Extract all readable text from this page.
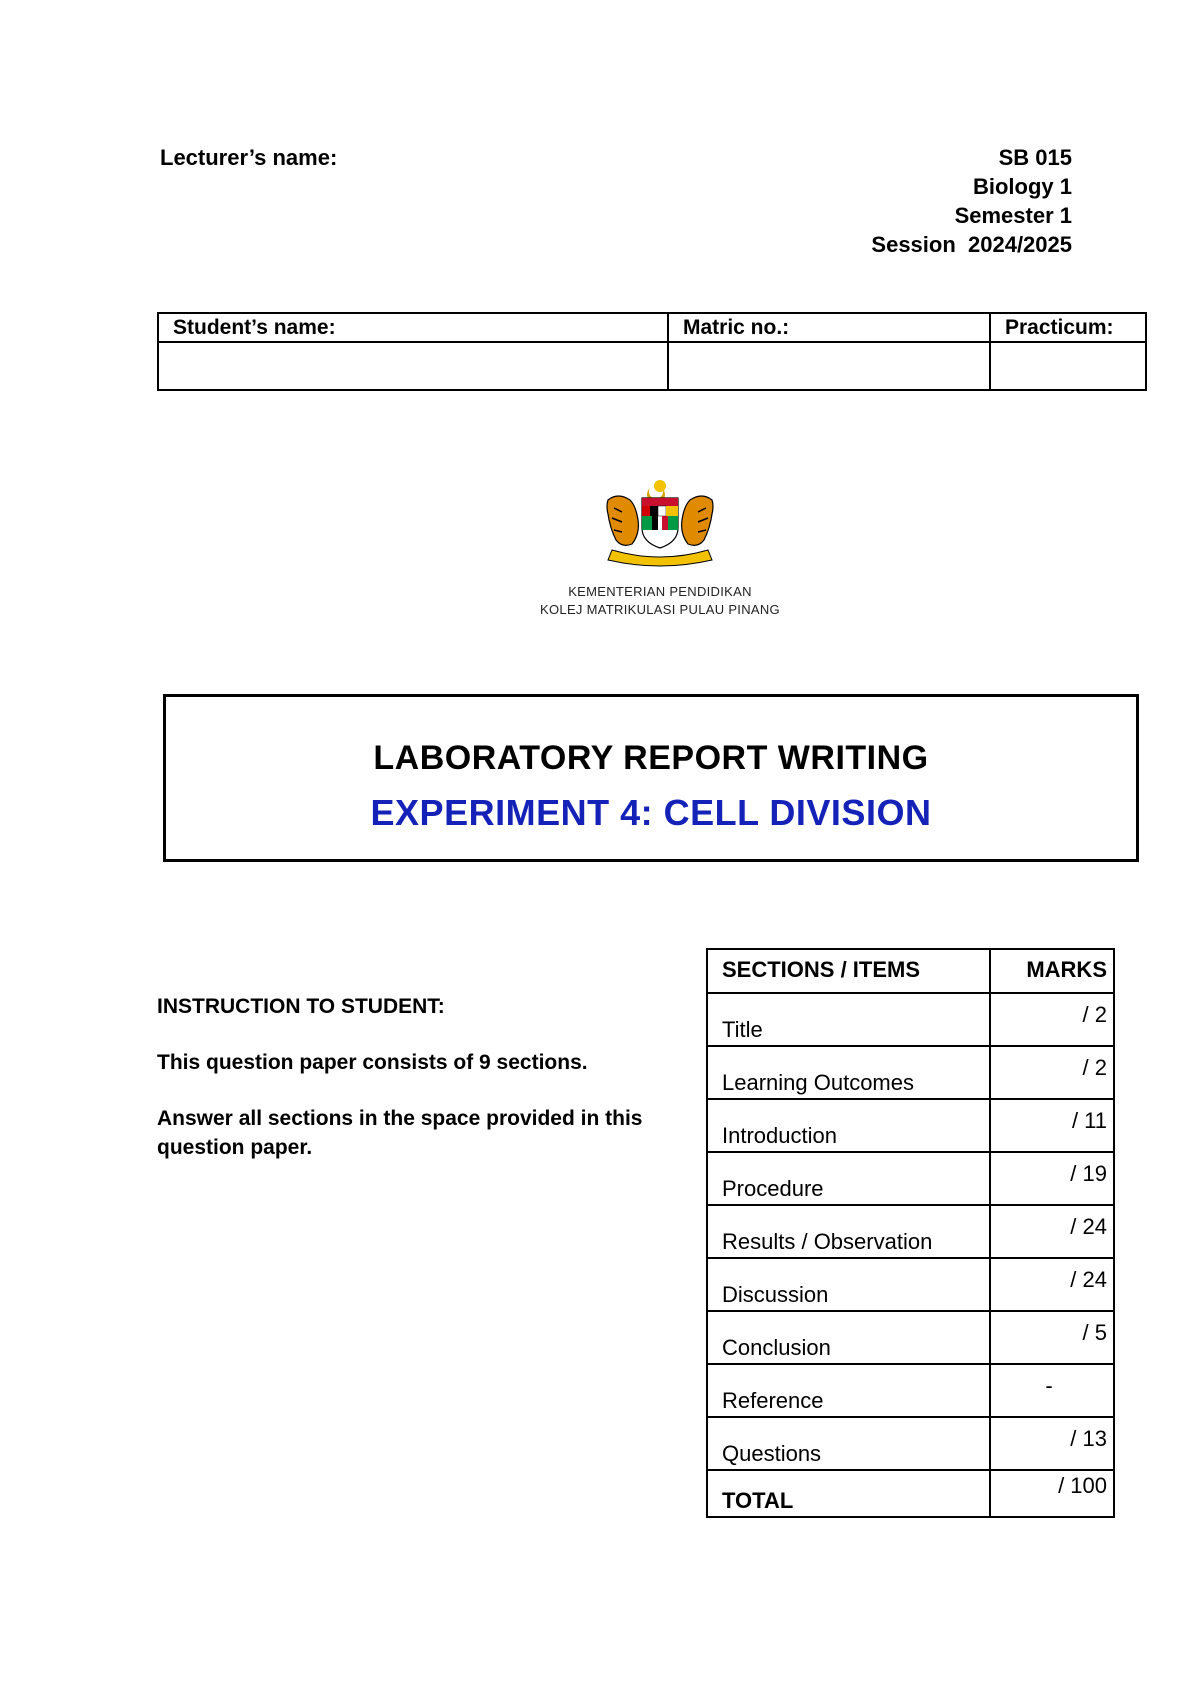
Lecturer’s name:	SB 015
Biology 1
Semester 1
Session  2024/2025
Student’s name:	Matric no.:	Practicum:

KEMENTERIAN PENDIDIKAN
KOLEJ MATRIKULASI PULAU PINANG
LABORATORY REPORT WRITING
EXPERIMENT 4: CELL DIVISION

INSTRUCTION TO STUDENT:

This question paper consists of 9 sections.

Answer all sections in the space provided in this question paper.

SECTIONS / ITEMS	MARKS
Title	/ 2
Learning Outcomes	/ 2
Introduction	/ 11
Procedure	/ 19
Results / Observation	/ 24
Discussion	/ 24
Conclusion	/ 5
Reference	-
Questions	/ 13
TOTAL	/ 100
